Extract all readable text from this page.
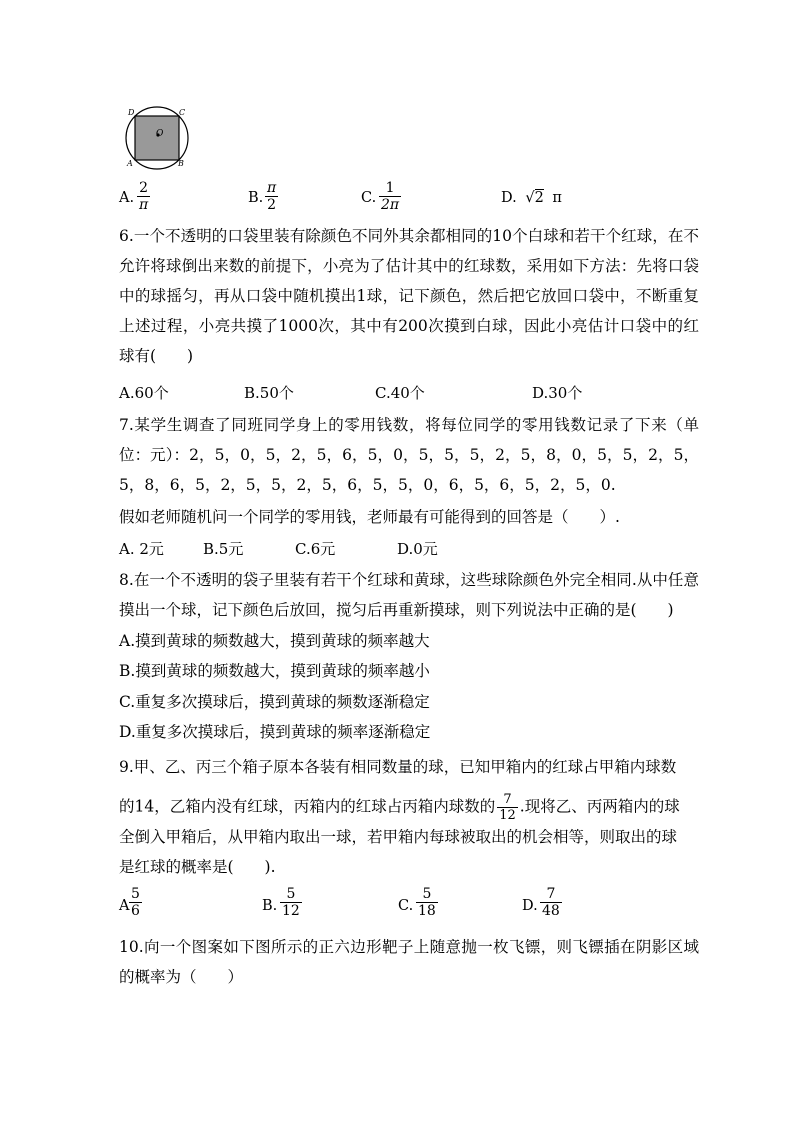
O
D	C
A	B
A. $\frac{2}{\pi}$	B. $\frac{\pi}{2}$	C. $\frac{1}{2\pi}$	D. √2 π
6.一个不透明的口袋里装有除颜色不同外其余都相同的10个白球和若干个红球，在不允许将球倒出来数的前提下，小亮为了估计其中的红球数，采用如下方法：先将口袋中的球摇匀，再从口袋中随机摸出1球，记下颜色，然后把它放回口袋中，不断重复上述过程，小亮共摸了1000次，其中有200次摸到白球，因此小亮估计口袋中的红球有(　　)
A.60个	B.50个	C.40个	D.30个
7.某学生调查了同班同学身上的零用钱数，将每位同学的零用钱数记录了下来（单位：元）：2，5，0，5，2，5，6，5，0，5，5，5，2，5，8，0，5，5，2，5，5，8，6，5，2，5，5，2，5，6，5，5，0，6，5，6，5，2，5，0.
假如老师随机问一个同学的零用钱，老师最有可能得到的回答是（　　）.
A. 2元	B.5元	C.6元	D.0元
8.在一个不透明的袋子里装有若干个红球和黄球，这些球除颜色外完全相同.从中任意摸出一个球，记下颜色后放回，搅匀后再重新摸球，则下列说法中正确的是(　　)
A.摸到黄球的频数越大，摸到黄球的频率越大
B.摸到黄球的频数越大，摸到黄球的频率越小
C.重复多次摸球后，摸到黄球的频数逐渐稳定
D.重复多次摸球后，摸到黄球的频率逐渐稳定
9.甲、乙、丙三个箱子原本各装有相同数量的球，已知甲箱内的红球占甲箱内球数
的14，乙箱内没有红球，丙箱内的红球占丙箱内球数的 $\frac{7}{12}$ .现将乙、丙两箱内的球
全倒入甲箱后，从甲箱内取出一球，若甲箱内每球被取出的机会相等，则取出的球
是红球的概率是(　　).
A $\frac{5}{6}$	B. $\frac{5}{12}$	C. $\frac{5}{18}$	D. $\frac{7}{48}$
10.向一个图案如下图所示的正六边形靶子上随意抛一枚飞镖，则飞镖插在阴影区域的概率为（　　）
